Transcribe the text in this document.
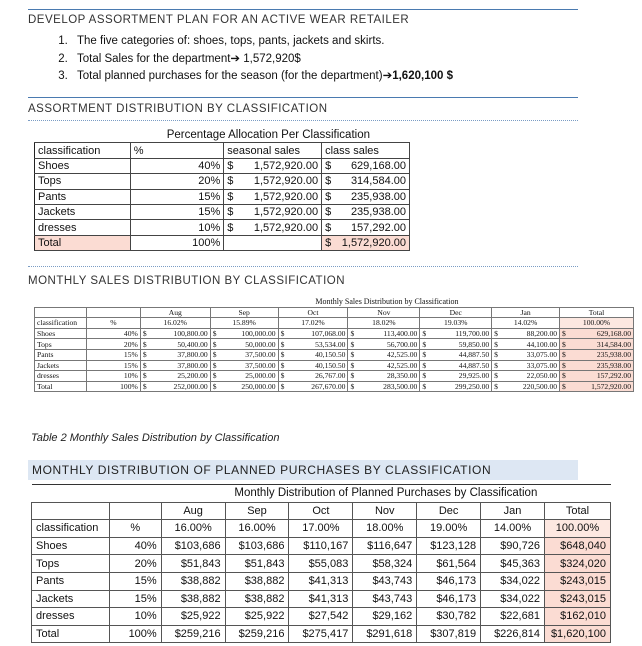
DEVELOP ASSORTMENT PLAN FOR AN ACTIVE WEAR RETAILER
1. The five categories of: shoes, tops, pants, jackets and skirts.
2. Total Sales for the department➔ 1,572,920$
3. Total planned purchases for the season (for the department)➔1,620,100 $
ASSORTMENT DISTRIBUTION BY CLASSIFICATION
	Percentage Allocation Per Classification		
classification	%	seasonal sales	class sales
Shoes	40%	$ 1,572,920.00	$ 629,168.00

Tops	20%	$ 1,572,920.00	$ 314,584.00

Pants	15%	$ 1,572,920.00	$ 235,938.00

Jackets	15%	$ 1,572,920.00	$ 235,938.00

dresses	10%	$ 1,572,920.00	$ 157,292.00

Total	100%		$ 1,572,920.00
MONTHLY SALES DISTRIBUTION BY CLASSIFICATION
		Monthly Sales Distribution by Classification						
		Aug	Sep	Oct	Nov	Dec	Jan	Total
classification	%	16.02%	15.89%	17.02%	18.02%	19.03%	14.02%	100.00%
Shoes	40%	$ 100,800.00	$ 100,000.00	$ 107,068.00	$ 113,400.00	$ 119,700.00	$ 88,200.00	$ 629,168.00

Tops	20%	$ 50,400.00	$ 50,000.00	$ 53,534.00	$ 56,700.00	$ 59,850.00	$ 44,100.00	$ 314,584.00

Pants	15%	$ 37,800.00	$ 37,500.00	$ 40,150.50	$ 42,525.00	$ 44,887.50	$ 33,075.00	$ 235,938.00

Jackets	15%	$ 37,800.00	$ 37,500.00	$ 40,150.50	$ 42,525.00	$ 44,887.50	$ 33,075.00	$ 235,938.00

dresses	10%	$ 25,200.00	$ 25,000.00	$ 26,767.00	$ 28,350.00	$ 29,925.00	$ 22,050.00	$ 157,292.00

Total	100%	$ 252,000.00	$ 250,000.00	$ 267,670.00	$ 283,500.00	$ 299,250.00	$ 220,500.00	$ 1,572,920.00
Table 2 Monthly Sales Distribution by Classification
MONTHLY DISTRIBUTION OF PLANNED PURCHASES BY CLASSIFICATION
		Monthly Distribution of Planned Purchases by Classification						
		Aug	Sep	Oct	Nov	Dec	Jan	Total
classification	%	16.00%	16.00%	17.00%	18.00%	19.00%	14.00%	100.00%
Shoes	40%	$103,686	$103,686	$110,167	$116,647	$123,128	$90,726	$648,040
Tops	20%	$51,843	$51,843	$55,083	$58,324	$61,564	$45,363	$324,020
Pants	15%	$38,882	$38,882	$41,313	$43,743	$46,173	$34,022	$243,015
Jackets	15%	$38,882	$38,882	$41,313	$43,743	$46,173	$34,022	$243,015
dresses	10%	$25,922	$25,922	$27,542	$29,162	$30,782	$22,681	$162,010
Total	100%	$259,216	$259,216	$275,417	$291,618	$307,819	$226,814	$1,620,100
